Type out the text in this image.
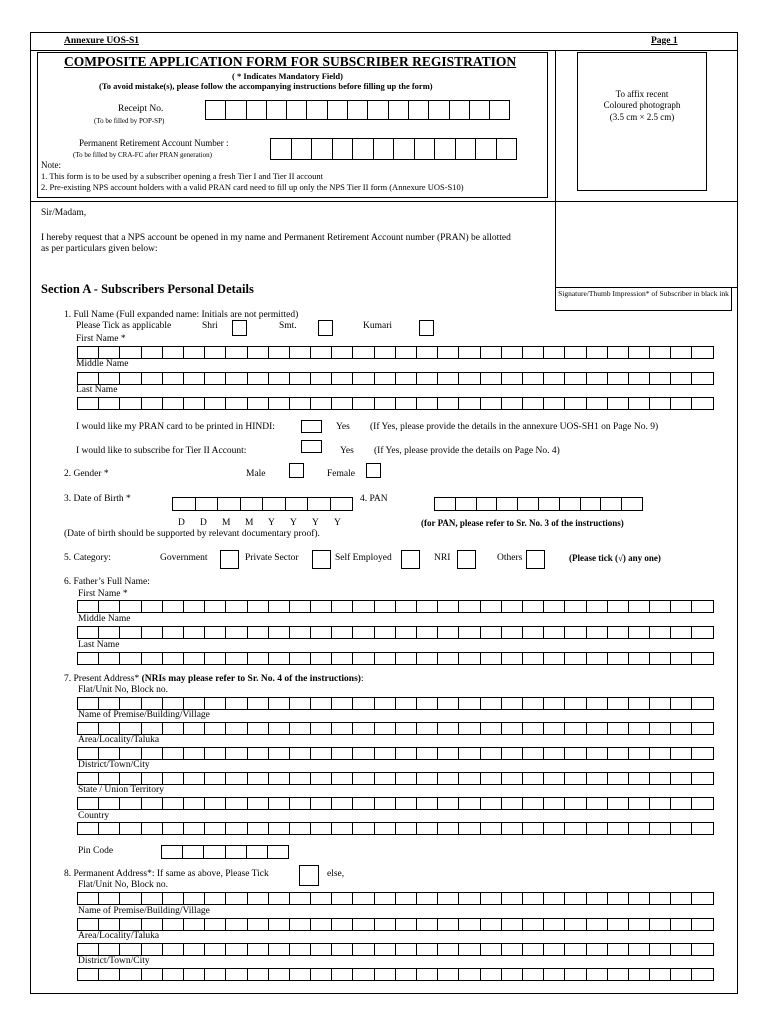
Annexure UOS-S1	Page 1
COMPOSITE APPLICATION FORM FOR SUBSCRIBER REGISTRATION
( * Indicates Mandatory Field)
(To avoid mistake(s), please follow the accompanying instructions before filling up the form)
Receipt No.
(To be filled by POP-SP)
Permanent Retirement Account Number :
(To be filled by CRA-FC after PRAN generation)
Note:
1. This form is to be used by a subscriber opening a fresh Tier I and Tier II account
2. Pre-existing NPS account holders with a valid PRAN card need to fill up only the NPS Tier II form (Annexure UOS-S10)
To affix recent
Coloured photograph
(3.5 cm × 2.5 cm)
Signature/Thumb Impression* of Subscriber in black ink
Sir/Madam,
I hereby request that a NPS account be opened in my name and Permanent Retirement Account number (PRAN) be allotted
as per particulars given below:
Section A - Subscribers Personal Details
1. Full Name (Full expanded name: Initials are not permitted)
Please Tick as applicable	Shri	Smt.	Kumari
First Name *
Middle Name
Last Name
I would like my PRAN card to be printed in HINDI:	Yes (If Yes, please provide the details in the annexure UOS-SH1 on Page No. 9)
I would like to subscribe for Tier II Account:	Yes (If Yes, please provide the details on Page No. 4)
2. Gender *	Male	Female
3. Date of Birth *	4. PAN
D D M M Y Y Y Y	(for PAN, please refer to Sr. No. 3 of the instructions)
(Date of birth should be supported by relevant documentary proof).
5. Category:	Government	Private Sector	Self Employed	NRI	Others	(Please tick (√) any one)
6. Father’s Full Name:
First Name *
Middle Name
Last Name
7. Present Address* (NRIs may please refer to Sr. No. 4 of the instructions):
Flat/Unit No, Block no.
Name of Premise/Building/Village
Area/Locality/Taluka
District/Town/City
State / Union Territory
Country
Pin Code
8. Permanent Address*: If same as above, Please Tick	else,
Flat/Unit No, Block no.
Name of Premise/Building/Village
Area/Locality/Taluka
District/Town/City
